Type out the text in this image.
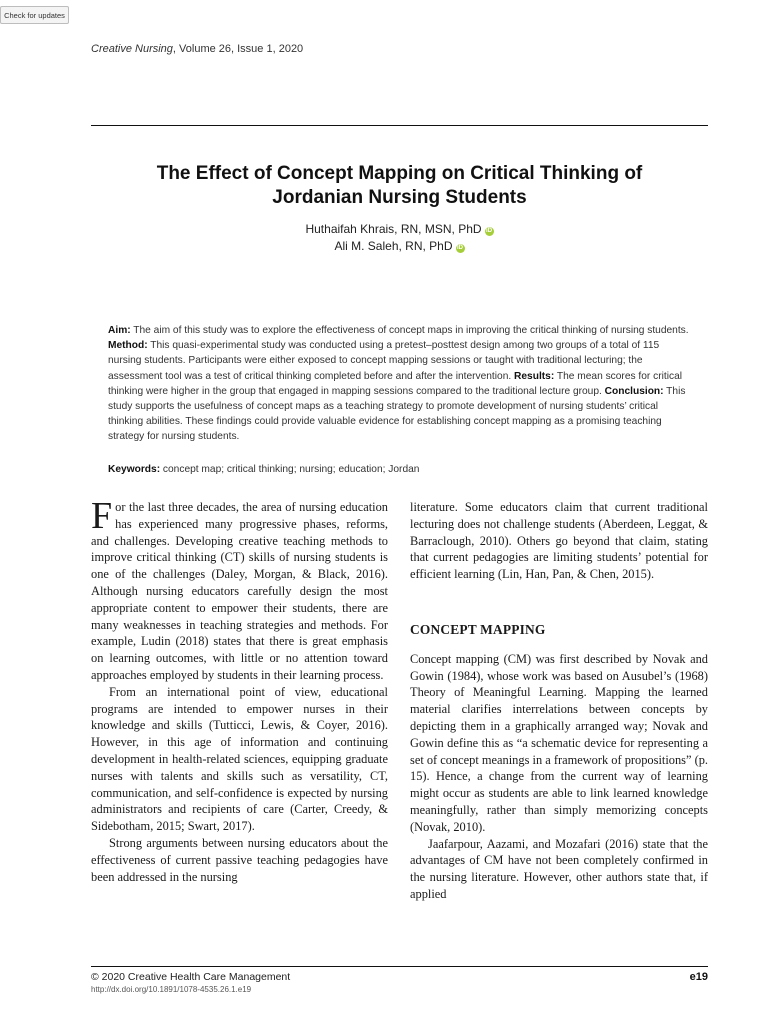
Check for updates
Creative Nursing, Volume 26, Issue 1, 2020
The Effect of Concept Mapping on Critical Thinking of
Jordanian Nursing Students
Huthaifah Khrais, RN, MSN, PhD iD
Ali M. Saleh, RN, PhD iD
Aim: The aim of this study was to explore the effectiveness of concept maps in improving the critical thinking of nursing students. Method: This quasi-experimental study was conducted using a pretest–posttest design among two groups of a total of 115 nursing students. Participants were either exposed to concept mapping sessions or taught with traditional lecturing; the assessment tool was a test of critical thinking completed before and after the intervention. Results: The mean scores for critical thinking were higher in the group that engaged in mapping sessions compared to the traditional lecture group. Conclusion: This study supports the usefulness of concept maps as a teaching strategy to promote development of nursing students’ critical thinking abilities. These findings could provide valuable evidence for establishing concept mapping as a promising teaching strategy for nursing students.
Keywords: concept map; critical thinking; nursing; education; Jordan

For the last three decades, the area of nursing education has experienced many progressive phases, reforms, and challenges. Developing creative teaching methods to improve critical thinking (CT) skills of nursing students is one of the challenges (Daley, Morgan, & Black, 2016). Although nursing educators carefully design the most appropriate content to empower their students, there are many weaknesses in teaching strategies and methods. For example, Ludin (2018) states that there is great emphasis on learning outcomes, with little or no attention toward approaches employed by students in their learning process.

From an international point of view, educational programs are intended to empower nurses in their knowledge and skills (Tutticci, Lewis, & Coyer, 2016). However, in this age of information and continuing development in health-related sciences, equipping graduate nurses with talents and skills such as versatility, CT, communication, and self-confidence is expected by nursing administrators and recipients of care (Carter, Creedy, & Sidebotham, 2015; Swart, 2017).

Strong arguments between nursing educators about the effectiveness of current passive teaching pedagogies have been addressed in the nursing

literature. Some educators claim that current traditional lecturing does not challenge students (Aberdeen, Leggat, & Barraclough, 2010). Others go beyond that claim, stating that current pedagogies are limiting students’ potential for efficient learning (Lin, Han, Pan, & Chen, 2015).

CONCEPT MAPPING

Concept mapping (CM) was first described by Novak and Gowin (1984), whose work was based on Ausubel’s (1968) Theory of Meaningful Learning. Mapping the learned material clarifies interrelations between concepts by depicting them in a graphically arranged way; Novak and Gowin define this as “a schematic device for representing a set of concept meanings in a framework of propositions” (p. 15). Hence, a change from the current way of learning might occur as students are able to link learned knowledge meaningfully, rather than simply memorizing concepts (Novak, 2010).

Jaafarpour, Aazami, and Mozafari (2016) state that the advantages of CM have not been completely confirmed in the nursing literature. However, other authors state that, if applied

© 2020 Creative Health Care Management
http://dx.doi.org/10.1891/1078-4535.26.1.e19
e19
